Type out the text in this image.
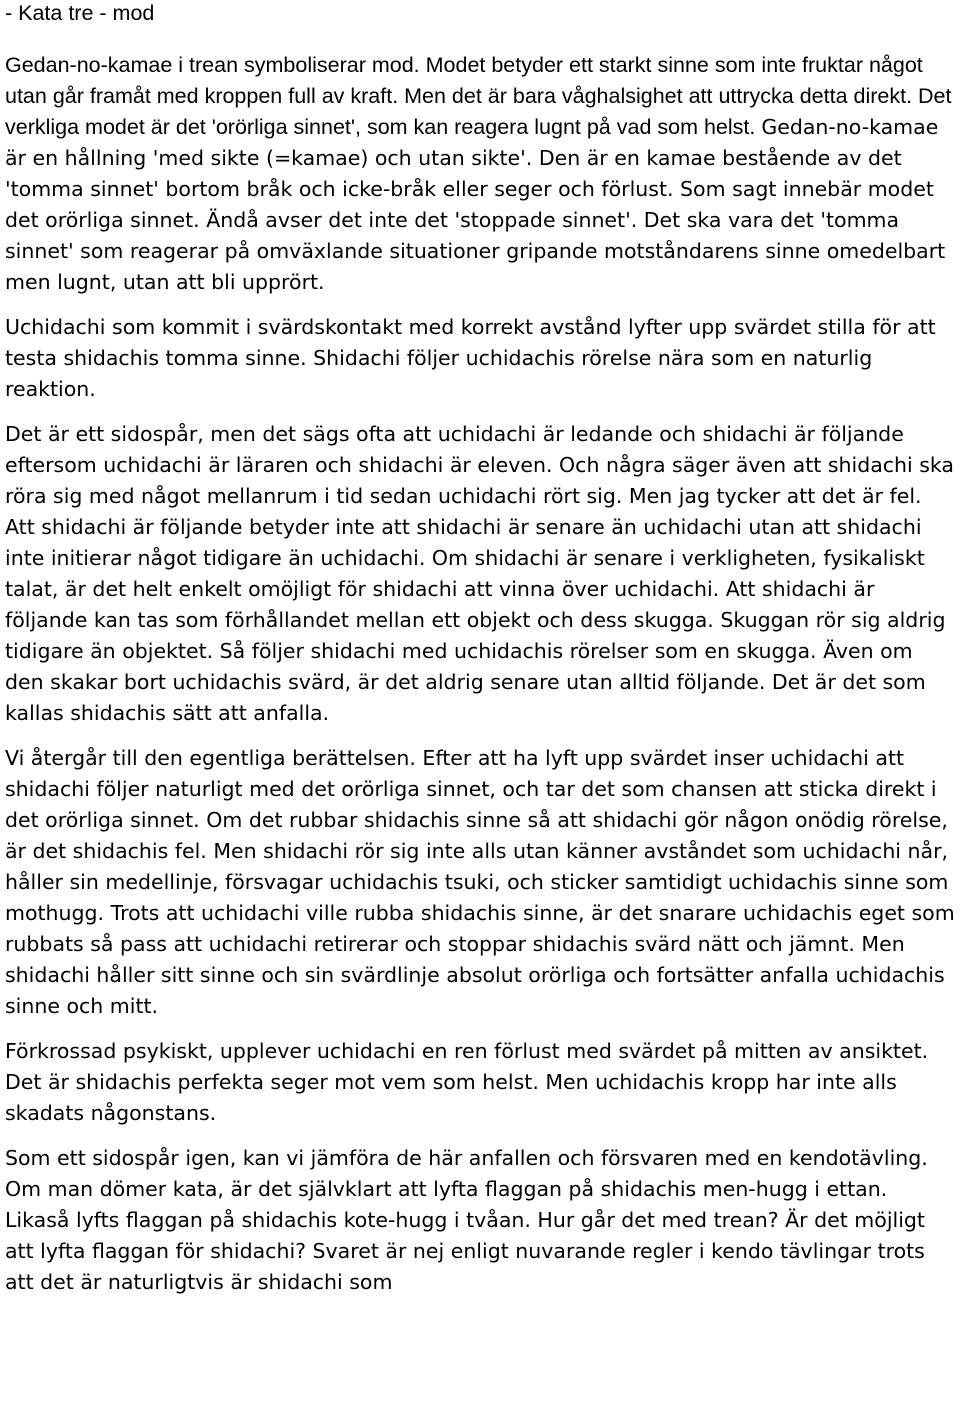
- Kata tre - mod

Gedan-no-kamae i trean symboliserar mod. Modet betyder ett starkt sinne som inte fruktar något utan går framåt med kroppen full av kraft. Men det är bara våghalsighet att uttrycka detta direkt. Det verkliga modet är det 'orörliga sinnet', som kan reagera lugnt på vad som helst. Gedan-no-kamae är en hållning 'med sikte (=kamae) och utan sikte'. Den är en kamae bestående av det 'tomma sinnet' bortom bråk och icke-bråk eller seger och förlust. Som sagt innebär modet det orörliga sinnet. Ändå avser det inte det 'stoppade sinnet'. Det ska vara det 'tomma sinnet' som reagerar på omväxlande situationer gripande motståndarens sinne omedelbart men lugnt, utan att bli upprört.

Uchidachi som kommit i svärdskontakt med korrekt avstånd lyfter upp svärdet stilla för att testa shidachis tomma sinne. Shidachi följer uchidachis rörelse nära som en naturlig reaktion.

Det är ett sidospår, men det sägs ofta att uchidachi är ledande och shidachi är följande eftersom uchidachi är läraren och shidachi är eleven. Och några säger även att shidachi ska röra sig med något mellanrum i tid sedan uchidachi rört sig. Men jag tycker att det är fel. Att shidachi är följande betyder inte att shidachi är senare än uchidachi utan att shidachi inte initierar något tidigare än uchidachi. Om shidachi är senare i verkligheten, fysikaliskt talat, är det helt enkelt omöjligt för shidachi att vinna över uchidachi. Att shidachi är följande kan tas som förhållandet mellan ett objekt och dess skugga. Skuggan rör sig aldrig tidigare än objektet. Så följer shidachi med uchidachis rörelser som en skugga. Även om den skakar bort uchidachis svärd, är det aldrig senare utan alltid följande. Det är det som kallas shidachis sätt att anfalla.

Vi återgår till den egentliga berättelsen. Efter att ha lyft upp svärdet inser uchidachi att shidachi följer naturligt med det orörliga sinnet, och tar det som chansen att sticka direkt i det orörliga sinnet. Om det rubbar shidachis sinne så att shidachi gör någon onödig rörelse, är det shidachis fel. Men shidachi rör sig inte alls utan känner avståndet som uchidachi når, håller sin medellinje, försvagar uchidachis tsuki, och sticker samtidigt uchidachis sinne som mothugg. Trots att uchidachi ville rubba shidachis sinne, är det snarare uchidachis eget som rubbats så pass att uchidachi retirerar och stoppar shidachis svärd nätt och jämnt. Men shidachi håller sitt sinne och sin svärdlinje absolut orörliga och fortsätter anfalla uchidachis sinne och mitt.

Förkrossad psykiskt, upplever uchidachi en ren förlust med svärdet på mitten av ansiktet. Det är shidachis perfekta seger mot vem som helst. Men uchidachis kropp har inte alls skadats någonstans.

Som ett sidospår igen, kan vi jämföra de här anfallen och försvaren med en kendotävling. Om man dömer kata, är det självklart att lyfta flaggan på shidachis men-hugg i ettan. Likaså lyfts flaggan på shidachis kote-hugg i tvåan. Hur går det med trean? Är det möjligt att lyfta flaggan för shidachi? Svaret är nej enligt nuvarande regler i kendo tävlingar trots att det är naturligtvis är shidachi som
